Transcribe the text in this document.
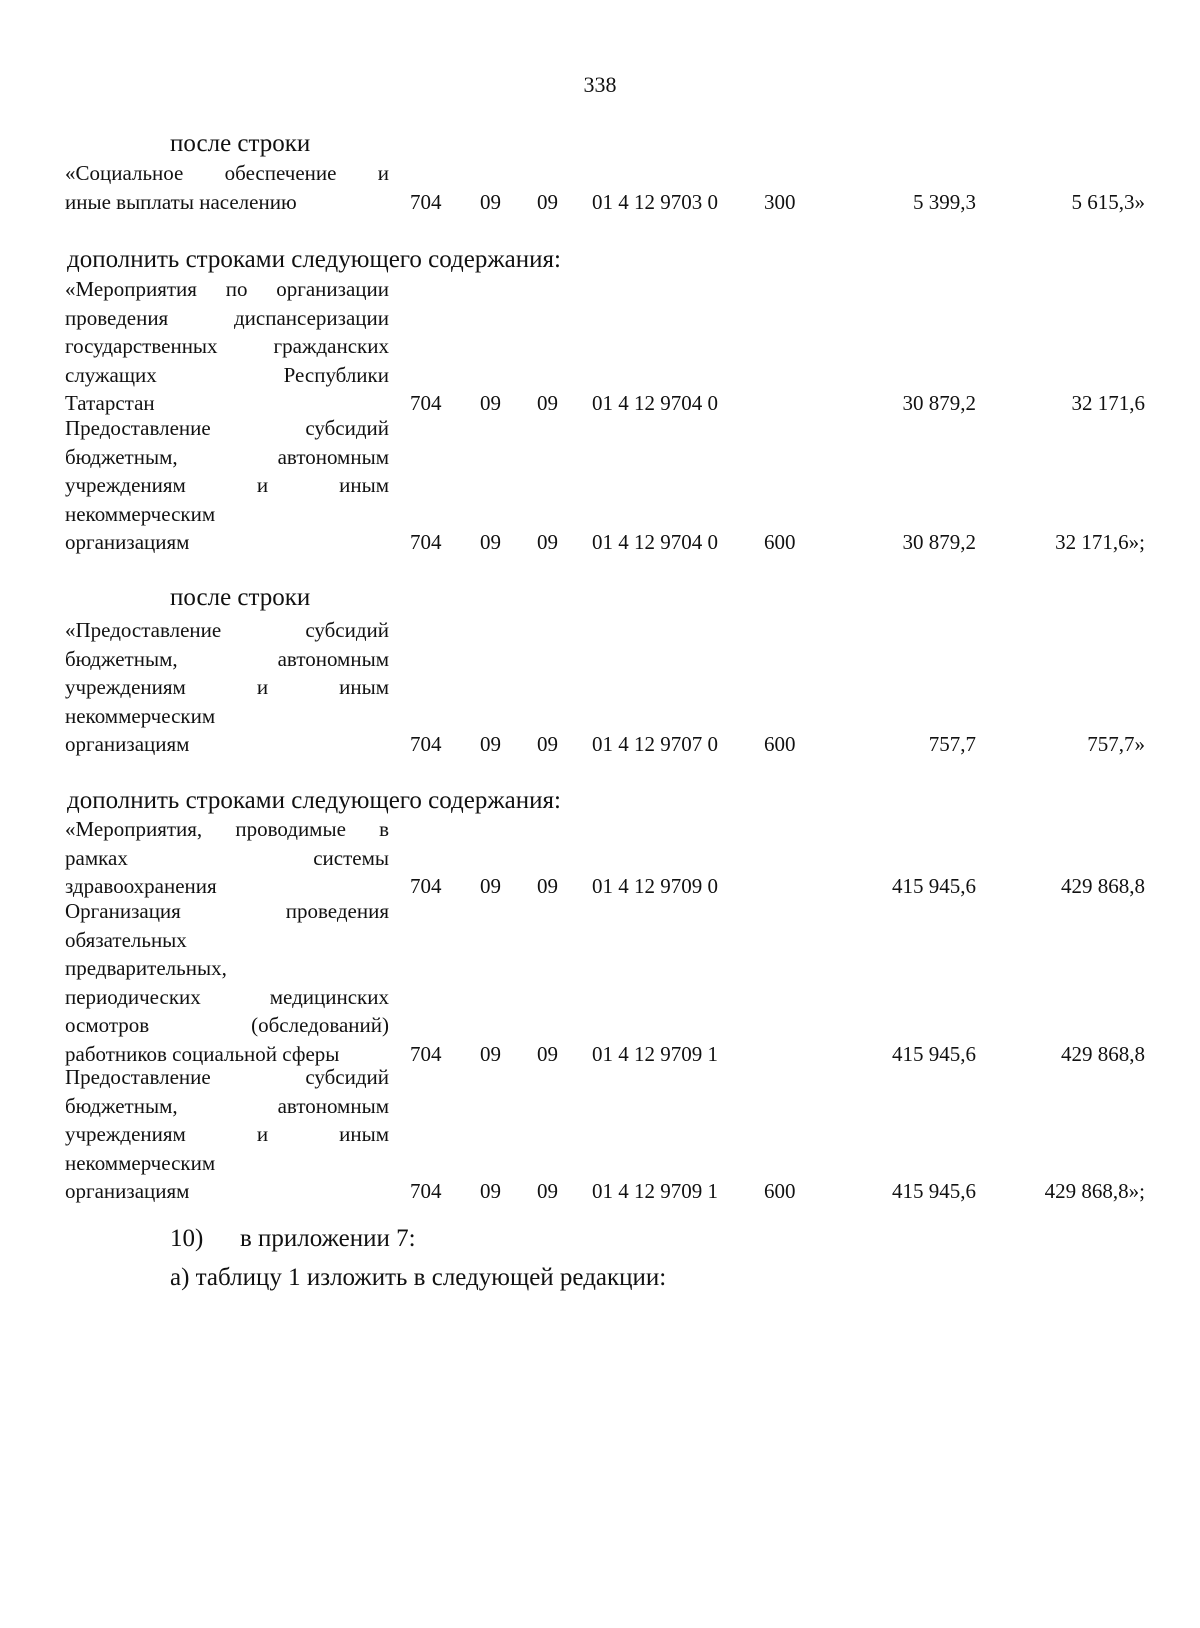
338
после строки
«Социальное обеспечение и
иные выплаты населению	704 09 09 01 4 12 9703 0 300	5 399,3	5 615,3»
дополнить строками следующего содержания:
«Мероприятия по организации
проведения диспансеризации
государственных гражданских
служащих Республики
Татарстан	704 09 09 01 4 12 9704 0	30 879,2	32 171,6
Предоставление субсидий
бюджетным, автономным
учреждениям и иным
некоммерческим
организациям	704 09 09 01 4 12 9704 0 600	30 879,2	32 171,6»;
после строки
«Предоставление субсидий
бюджетным, автономным
учреждениям и иным
некоммерческим
организациям	704 09 09 01 4 12 9707 0 600	757,7	757,7»
дополнить строками следующего содержания:
«Мероприятия, проводимые в
рамках системы
здравоохранения	704 09 09 01 4 12 9709 0	415 945,6	429 868,8
Организация проведения
обязательных
предварительных,
периодических медицинских
осмотров (обследований)
работников социальной сферы	704 09 09 01 4 12 9709 1	415 945,6	429 868,8
Предоставление субсидий
бюджетным, автономным
учреждениям и иным
некоммерческим
организациям	704 09 09 01 4 12 9709 1 600	415 945,6	429 868,8»;
10) в приложении 7:
а) таблицу 1 изложить в следующей редакции:
